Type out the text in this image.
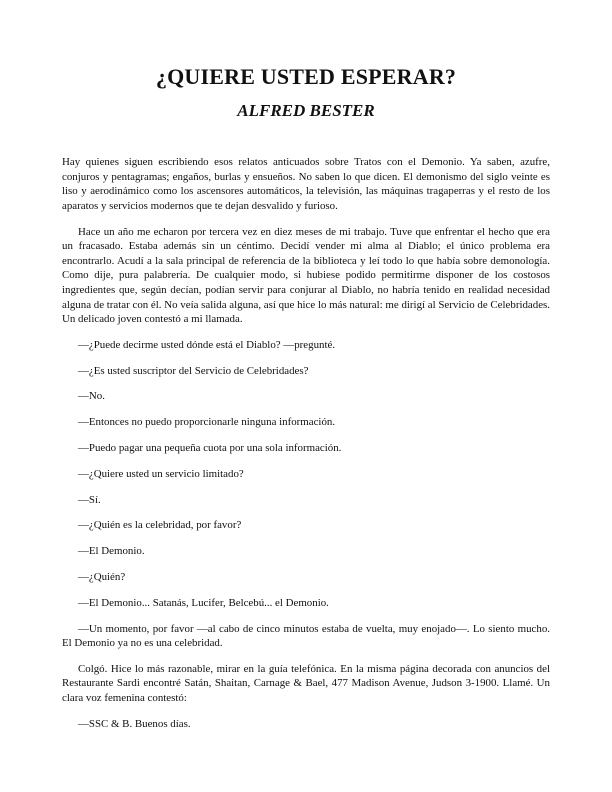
¿QUIERE USTED ESPERAR?
ALFRED BESTER

Hay quienes siguen escribiendo esos relatos anticuados sobre Tratos con el Demonio. Ya saben, azufre, conjuros y pentagramas; engaños, burlas y ensueños. No saben lo que dicen. El demonismo del siglo veinte es liso y aerodinámico como los ascensores automáticos, la televisión, las máquinas tragaperras y el resto de los aparatos y servicios modernos que te dejan desvalido y furioso.

Hace un año me echaron por tercera vez en diez meses de mi trabajo. Tuve que enfrentar el hecho que era un fracasado. Estaba además sin un céntimo. Decidí vender mi alma al Diablo; el único problema era encontrarlo. Acudí a la sala principal de referencia de la biblioteca y leí todo lo que había sobre demonología. Como dije, pura palabrería. De cualquier modo, si hubiese podido permitirme disponer de los costosos ingredientes que, según decían, podían servir para conjurar al Diablo, no habría tenido en realidad necesidad alguna de tratar con él. No veía salida alguna, así que hice lo más natural: me dirigí al Servicio de Celebridades. Un delicado joven contestó a mi llamada.

—¿Puede decirme usted dónde está el Diablo? —pregunté.

—¿Es usted suscriptor del Servicio de Celebridades?

—No.

—Entonces no puedo proporcionarle ninguna información.

—Puedo pagar una pequeña cuota por una sola información.

—¿Quiere usted un servicio limitado?

—Sí.

—¿Quién es la celebridad, por favor?

—El Demonio.

—¿Quién?

—El Demonio... Satanás, Lucifer, Belcebú... el Demonio.

—Un momento, por favor —al cabo de cinco minutos estaba de vuelta, muy enojado—. Lo siento mucho. El Demonio ya no es una celebridad.

Colgó. Hice lo más razonable, mirar en la guía telefónica. En la misma página decorada con anuncios del Restaurante Sardi encontré Satán, Shaitan, Carnage & Bael, 477 Madison Avenue, Judson 3-1900. Llamé. Un clara voz femenina contestó:

—SSC & B. Buenos días.
